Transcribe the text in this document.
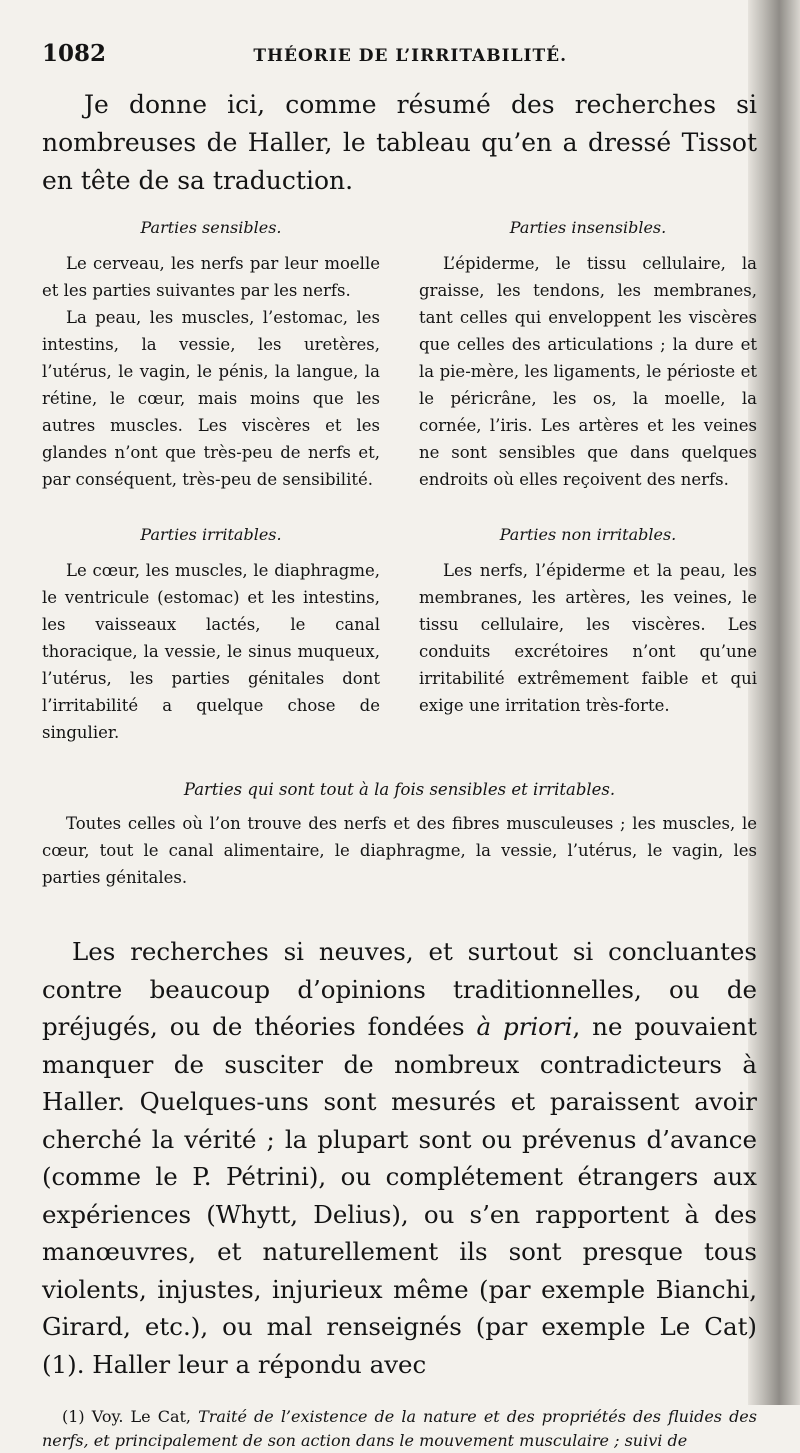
1082	THÉORIE DE L’IRRITABILITÉ.

Je donne ici, comme résumé des recherches si nombreuses de Haller, le tableau qu’en a dressé Tissot en tête de sa traduction.

Parties sensibles.

Le cerveau, les nerfs par leur moelle et les parties suivantes par les nerfs.

La peau, les muscles, l’estomac, les intestins, la vessie, les uretères, l’utérus, le vagin, le pénis, la langue, la rétine, le cœur, mais moins que les autres muscles. Les viscères et les glandes n’ont que très-peu de nerfs et, par conséquent, très-peu de sensibilité.

Parties insensibles.

L’épiderme, le tissu cellulaire, la graisse, les tendons, les membranes, tant celles qui enveloppent les viscères que celles des articulations ; la dure et la pie-mère, les ligaments, le périoste et le péricrâne, les os, la moelle, la cornée, l’iris. Les artères et les veines ne sont sensibles que dans quelques endroits où elles reçoivent des nerfs.

Parties irritables.

Le cœur, les muscles, le diaphragme, le ventricule (estomac) et les intestins, les vaisseaux lactés, le canal thoracique, la vessie, le sinus muqueux, l’utérus, les parties génitales dont l’irritabilité a quelque chose de singulier.

Parties non irritables.

Les nerfs, l’épiderme et la peau, les membranes, les artères, les veines, le tissu cellulaire, les viscères. Les conduits excrétoires n’ont qu’une irritabilité extrêmement faible et qui exige une irritation très-forte.

Parties qui sont tout à la fois sensibles et irritables.

Toutes celles où l’on trouve des nerfs et des fibres musculeuses ; les muscles, le cœur, tout le canal alimentaire, le diaphragme, la vessie, l’utérus, le vagin, les parties génitales.

Les recherches si neuves, et surtout si concluantes contre beaucoup d’opinions traditionnelles, ou de préjugés, ou de théories fondées à priori, ne pouvaient manquer de susciter de nombreux contradicteurs à Haller. Quelques-uns sont mesurés et paraissent avoir cherché la vérité ; la plupart sont ou prévenus d’avance (comme le P. Pétrini), ou complétement étrangers aux expériences (Whytt, Delius), ou s’en rapportent à des manœuvres, et naturellement ils sont presque tous violents, injustes, injurieux même (par exemple Bianchi, Girard, etc.), ou mal renseignés (par exemple Le Cat) (1). Haller leur a répondu avec
(1) Voy. Le Cat, Traité de l’existence de la nature et des propriétés des fluides des nerfs, et principalement de son action dans le mouvement musculaire ; suivi de
